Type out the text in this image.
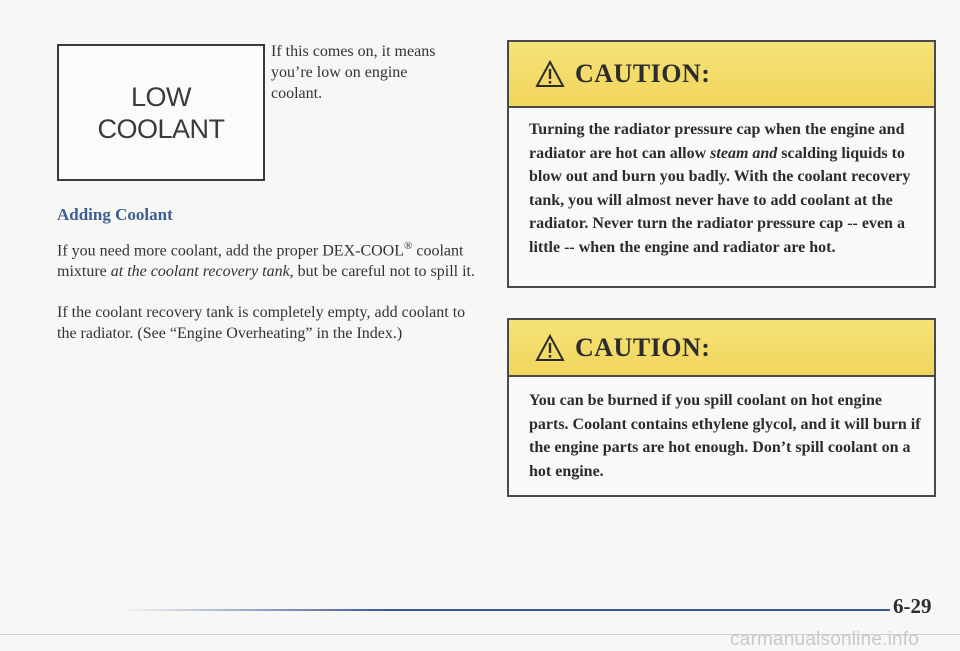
LOW
COOLANT
If this comes on, it means you’re low on engine coolant.
Adding Coolant
If you need more coolant, add the proper DEX-COOL® coolant mixture at the coolant recovery tank, but be careful not to spill it.
If the coolant recovery tank is completely empty, add coolant to the radiator. (See “Engine Overheating” in the Index.)
CAUTION:
Turning the radiator pressure cap when the engine and radiator are hot can allow steam and scalding liquids to blow out and burn you badly. With the coolant recovery tank, you will almost never have to add coolant at the radiator. Never turn the radiator pressure cap -- even a little -- when the engine and radiator are hot.
CAUTION:
You can be burned if you spill coolant on hot engine parts. Coolant contains ethylene glycol, and it will burn if the engine parts are hot enough. Don’t spill coolant on a hot engine.
6-29
carmanualsonline.info
